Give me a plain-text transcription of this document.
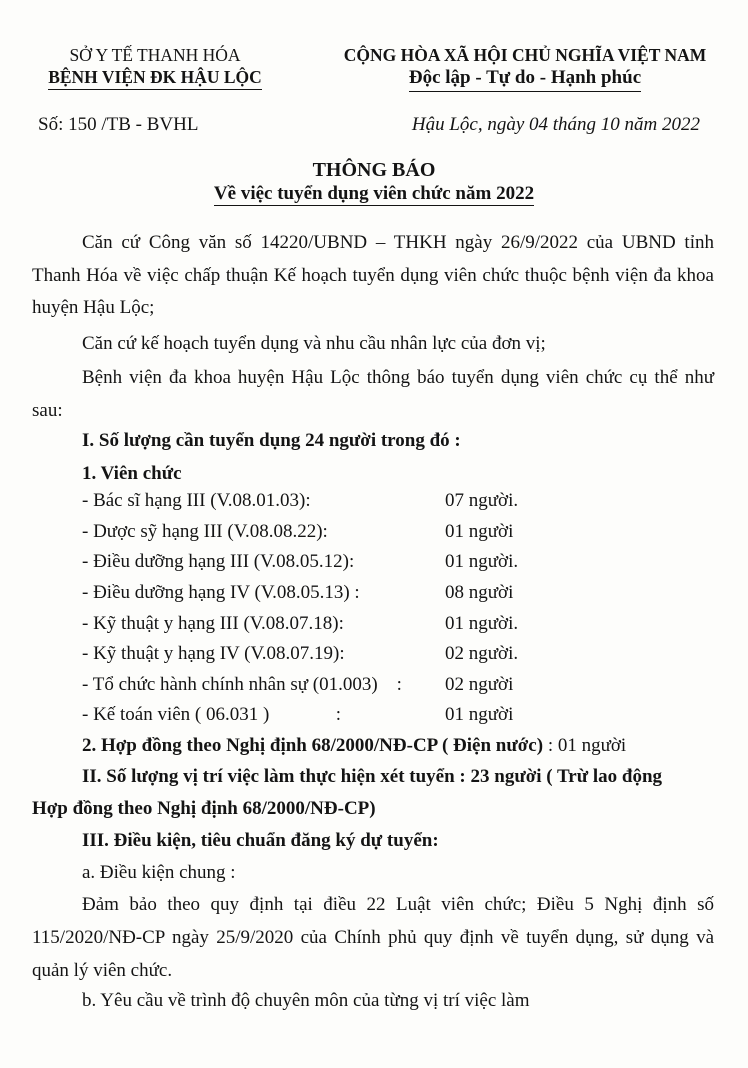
SỞ Y TẾ THANH HÓA
BỆNH VIỆN ĐK HẬU LỘC
CỘNG HÒA XÃ HỘI CHỦ NGHĨA VIỆT NAM
Độc lập - Tự do - Hạnh phúc
Số: 150 /TB - BVHL	Hậu Lộc, ngày 04 tháng 10 năm 2022
THÔNG BÁO
Về việc tuyển dụng viên chức năm 2022
Căn cứ Công văn số 14220/UBND – THKH ngày 26/9/2022 của UBND tỉnh Thanh Hóa về việc chấp thuận Kế hoạch tuyển dụng viên chức thuộc bệnh viện đa khoa huyện Hậu Lộc;
Căn cứ kế hoạch tuyển dụng và nhu cầu nhân lực của đơn vị;
Bệnh viện đa khoa huyện Hậu Lộc thông báo tuyển dụng viên chức cụ thể như sau:
I. Số lượng cần tuyển dụng 24 người trong đó :
1. Viên chức
- Bác sĩ hạng III (V.08.01.03):	07 người.
- Dược sỹ hạng III (V.08.08.22):	01 người
- Điều dưỡng hạng III (V.08.05.12):	01 người.
- Điều dưỡng hạng IV (V.08.05.13) :	08 người
- Kỹ thuật y hạng III (V.08.07.18):	01 người.
- Kỹ thuật y hạng IV (V.08.07.19):	02 người.
- Tổ chức hành chính nhân sự (01.003)    : 02 người
- Kế toán viên ( 06.031 )              :	01 người
2. Hợp đồng theo Nghị định 68/2000/NĐ-CP ( Điện nước) : 01 người
II. Số lượng vị trí việc làm thực hiện xét tuyển : 23 người ( Trừ lao động
Hợp đồng theo Nghị định 68/2000/NĐ-CP)
III. Điều kiện, tiêu chuẩn đăng ký dự tuyển:
a. Điều kiện chung :
Đảm bảo theo quy định tại điều 22 Luật viên chức; Điều 5 Nghị định số 115/2020/NĐ-CP ngày 25/9/2020 của Chính phủ quy định về tuyển dụng, sử dụng và quản lý viên chức.
b. Yêu cầu về trình độ chuyên môn của từng vị trí việc làm
